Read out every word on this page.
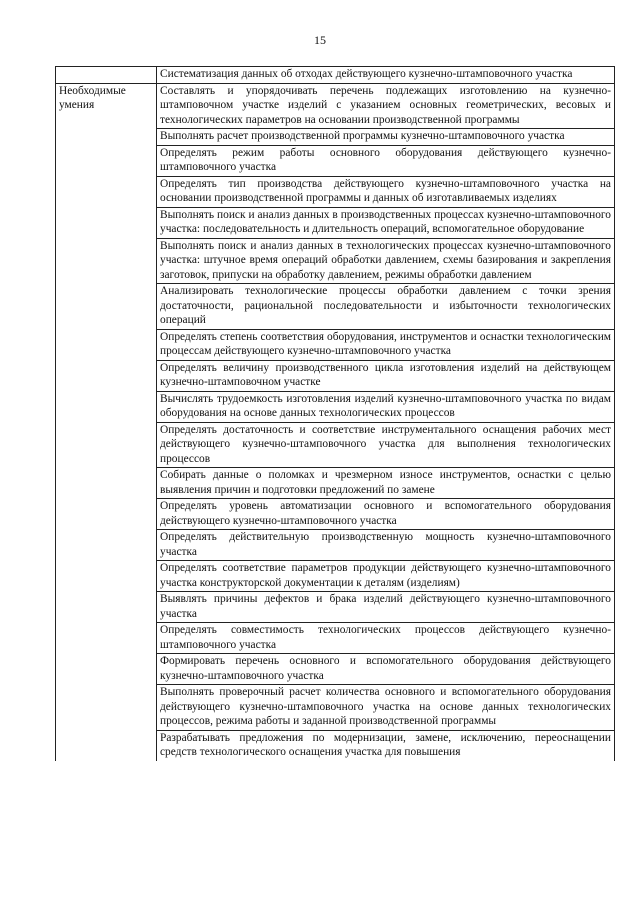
15
	Систематизация данных об отходах действующего кузнечно-штамповочного участка
Необходимые умения	Составлять и упорядочивать перечень подлежащих изготовлению на кузнечно-штамповочном участке изделий с указанием основных геометрических, весовых и технологических параметров на основании производственной программы
	Выполнять расчет производственной программы кузнечно-штамповочного участка
	Определять режим работы основного оборудования действующего кузнечно-штамповочного участка
	Определять тип производства действующего кузнечно-штамповочного участка на основании производственной программы и данных об изготавливаемых изделиях
	Выполнять поиск и анализ данных в производственных процессах кузнечно-штамповочного участка: последовательность и длительность операций, вспомогательное оборудование
	Выполнять поиск и анализ данных в технологических процессах кузнечно-штамповочного участка: штучное время операций обработки давлением, схемы базирования и закрепления заготовок, припуски на обработку давлением, режимы обработки давлением
	Анализировать технологические процессы обработки давлением с точки зрения достаточности, рациональной последовательности и избыточности технологических операций
	Определять степень соответствия оборудования, инструментов и оснастки технологическим процессам действующего кузнечно-штамповочного участка
	Определять величину производственного цикла изготовления изделий на действующем кузнечно-штамповочном участке
	Вычислять трудоемкость изготовления изделий кузнечно-штамповочного участка по видам оборудования на основе данных технологических процессов
	Определять достаточность и соответствие инструментального оснащения рабочих мест действующего кузнечно-штамповочного участка для выполнения технологических процессов
	Собирать данные о поломках и чрезмерном износе инструментов, оснастки с целью выявления причин и подготовки предложений по замене
	Определять уровень автоматизации основного и вспомогательного оборудования действующего кузнечно-штамповочного участка
	Определять действительную производственную мощность кузнечно-штамповочного участка
	Определять соответствие параметров продукции действующего кузнечно-штамповочного участка конструкторской документации к деталям (изделиям)
	Выявлять причины дефектов и брака изделий действующего кузнечно-штамповочного участка
	Определять совместимость технологических процессов действующего кузнечно-штамповочного участка
	Формировать перечень основного и вспомогательного оборудования действующего кузнечно-штамповочного участка
	Выполнять проверочный расчет количества основного и вспомогательного оборудования действующего кузнечно-штамповочного участка на основе данных технологических процессов, режима работы и заданной производственной программы
	Разрабатывать предложения по модернизации, замене, исключению, переоснащении средств технологического оснащения участка для повышения
